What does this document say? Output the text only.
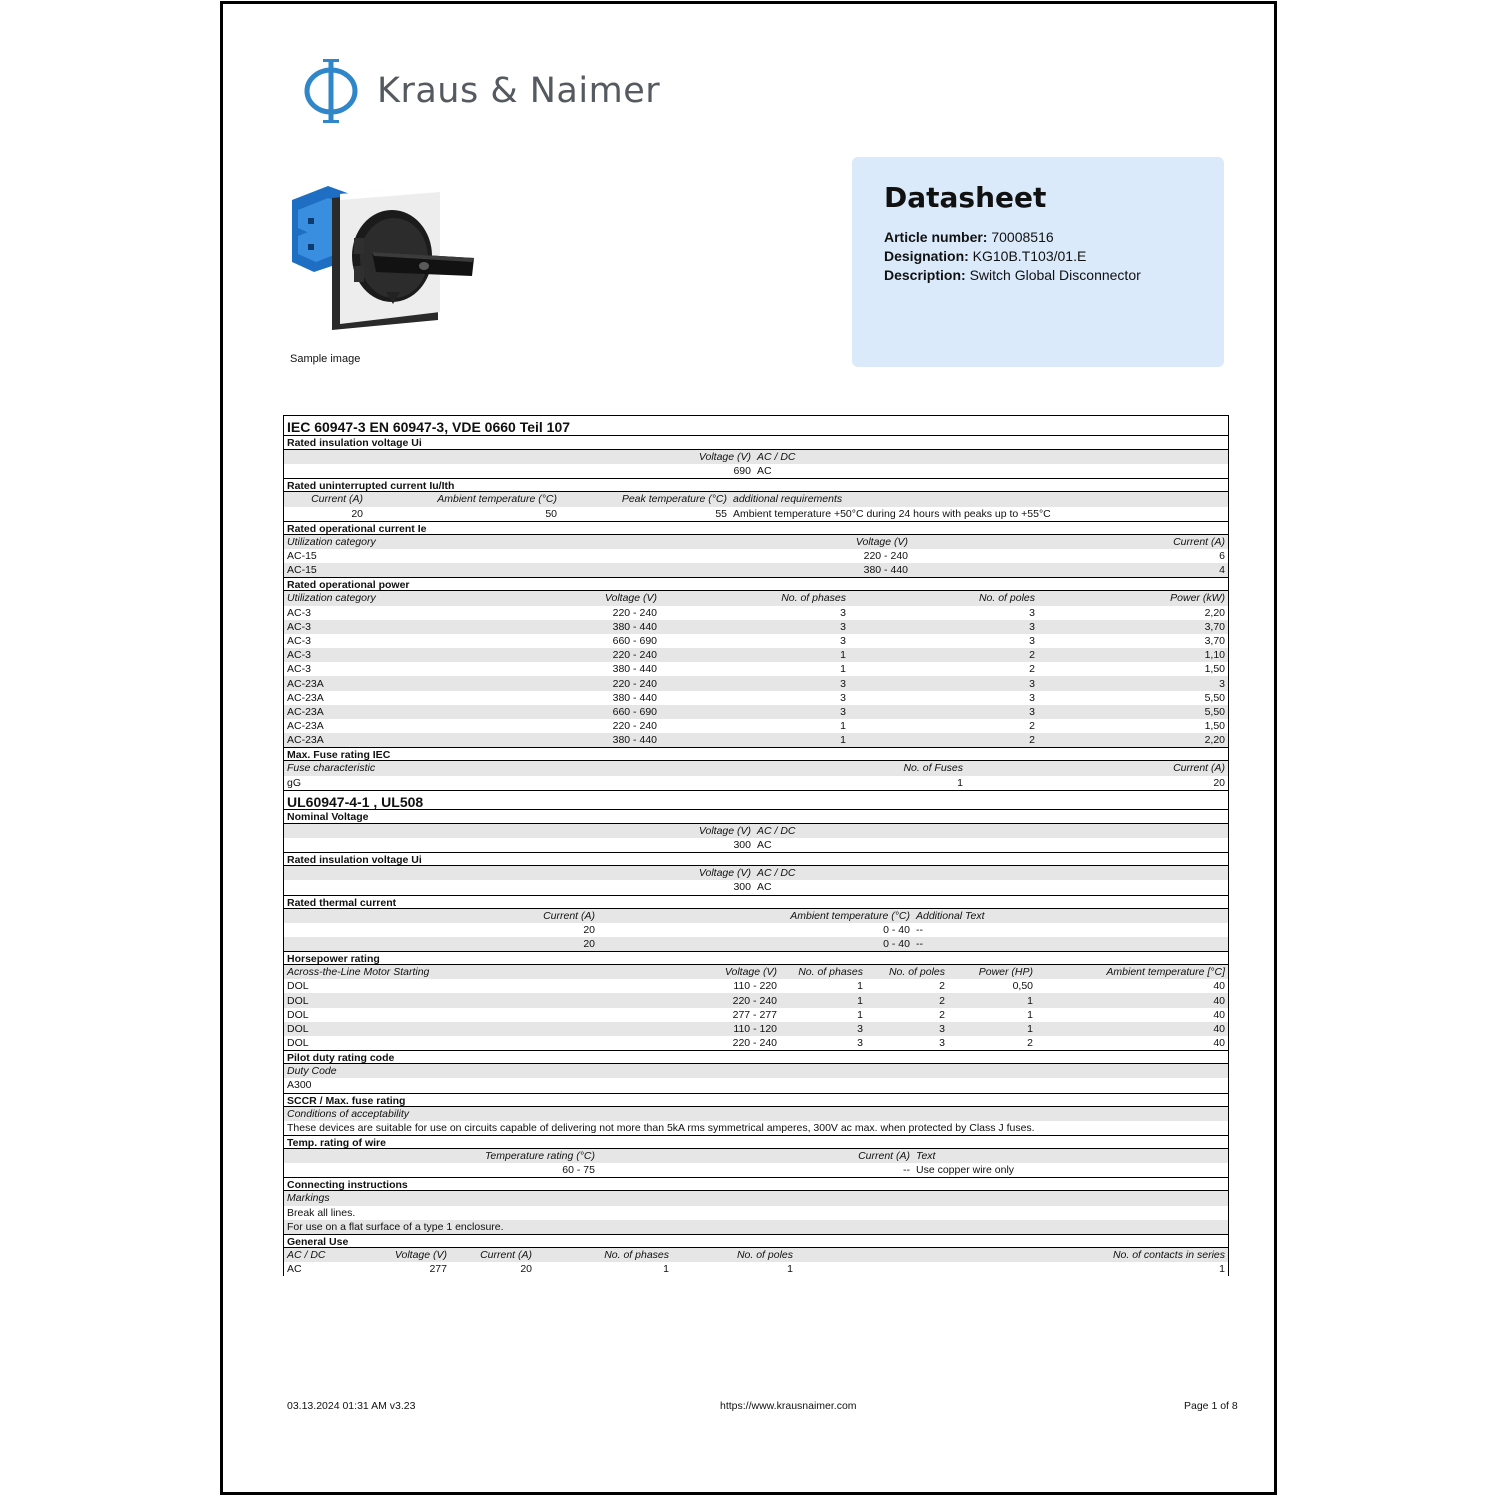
Kraus & Naimer
Sample image
Datasheet
Article number: 70008516
Designation: KG10B.T103/01.E
Description: Switch Global Disconnector
IEC 60947-3 EN 60947-3, VDE 0660 Teil 107
Rated insulation voltage Ui
Voltage (V)	AC / DC
690	AC
Rated uninterrupted current Iu/Ith
Current (A)	Ambient temperature (°C)	Peak temperature (°C)	additional requirements
20	50	55	Ambient temperature +50°C during 24 hours with peaks up to +55°C
Rated operational current Ie
Utilization category	Voltage (V)	Current (A)
AC-15	220 - 240	6
AC-15	380 - 440	4
Rated operational power
Utilization category	Voltage (V)	No. of phases	No. of poles	Power (kW)
AC-3	220 - 240	3	3	2,20
AC-3	380 - 440	3	3	3,70
AC-3	660 - 690	3	3	3,70
AC-3	220 - 240	1	2	1,10
AC-3	380 - 440	1	2	1,50
AC-23A	220 - 240	3	3	3
AC-23A	380 - 440	3	3	5,50
AC-23A	660 - 690	3	3	5,50
AC-23A	220 - 240	1	2	1,50
AC-23A	380 - 440	1	2	2,20
Max. Fuse rating IEC
Fuse characteristic	No. of Fuses	Current (A)
gG	1	20
UL60947-4-1 , UL508
Nominal Voltage
Voltage (V)	AC / DC
300	AC
Rated insulation voltage Ui
Voltage (V)	AC / DC
300	AC
Rated thermal current
Current (A)	Ambient temperature (°C)	Additional Text
20	0 - 40	--
20	0 - 40	--
Horsepower rating
Across-the-Line Motor Starting	Voltage (V)	No. of phases	No. of poles	Power (HP)	Ambient temperature [°C]
DOL	110 - 220	1	2	0,50	40
DOL	220 - 240	1	2	1	40
DOL	277 - 277	1	2	1	40
DOL	110 - 120	3	3	1	40
DOL	220 - 240	3	3	2	40
Pilot duty rating code
Duty Code
A300
SCCR / Max. fuse rating
Conditions of acceptability
These devices are suitable for use on circuits capable of delivering not more than 5kA rms symmetrical amperes, 300V ac max. when protected by Class J fuses.
Temp. rating of wire
Temperature rating (°C)	Current (A)	Text
60 - 75	--	Use copper wire only
Connecting instructions
Markings
Break all lines.
For use on a flat surface of a type 1 enclosure.
General Use
AC / DC	Voltage (V)	Current (A)	No. of phases	No. of poles	No. of contacts in series
AC	277	20	1	1	1
03.13.2024 01:31 AM v3.23	https://www.krausnaimer.com	Page 1 of 8
